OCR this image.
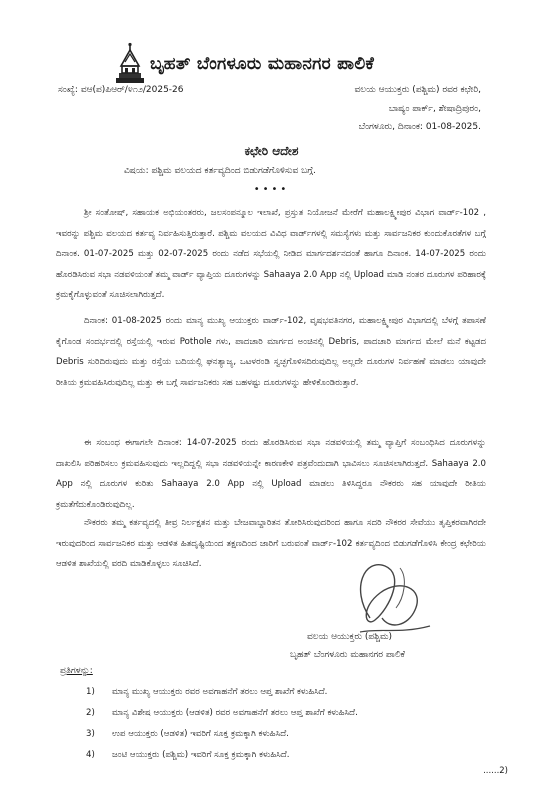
ಬೃಹತ್ ಬೆಂಗಳೂರು ಮಹಾನಗರ ಪಾಲಿಕೆ
ಸಂಖ್ಯೆ: ವಆ(ಪ)ಪಿಆರ್/‍೪೧೨/2025-26	ವಲಯ ಆಯುಕ್ತರು (ಪಶ್ಚಿಮ) ರವರ ಕಛೇರಿ,
ಬಾಷ್ಯಂ ಪಾರ್ಕ್, ಶೇಷಾದ್ರಿಪುರಂ,
ಬೆಂಗಳೂರು, ದಿನಾಂಕ: 01-08-2025.
ಕಛೇರಿ ಆದೇಶ
ವಿಷಯ: ಪಶ್ಚಿಮ ವಲಯದ ಕರ್ತವ್ಯದಿಂದ ಬಿಡುಗಡೆಗೊಳಿಸುವ ಬಗ್ಗೆ.
••••

ಶ್ರೀ ಸಂತೋಷ್, ಸಹಾಯಕ ಅಭಿಯಂತರರು, ಜಲಸಂಪನ್ಮೂಲ ಇಲಾಖೆ, ಪ್ರಸ್ತುತ ನಿಯೋಜನೆ ಮೇರೆಗೆ ಮಹಾಲಕ್ಷ್ಮೀಪುರ ವಿಭಾಗ ವಾರ್ಡ್-102 , ಇವರನ್ನು ಪಶ್ಚಿಮ ವಲಯದ ಕರ್ತವ್ಯ ನಿರ್ವಹಿಸುತ್ತಿರುತ್ತಾರೆ. ಪಶ್ಚಿಮ ವಲಯದ ವಿವಿಧ ವಾರ್ಡ್‌ಗಳಲ್ಲಿ ಸಮಸ್ಯೆಗಳು ಮತ್ತು ಸಾರ್ವಜನಿಕರ ಕುಂದುಕೊರತೆಗಳ ಬಗ್ಗೆ ದಿನಾಂಕ. 01-07-2025 ಮತ್ತು 02-07-2025 ರಂದು ನಡೆದ ಸಭೆಯಲ್ಲಿ ನೀಡಿದ ಮಾರ್ಗದರ್ಶನದಂತೆ ಹಾಗೂ ದಿನಾಂಕ. 14-07-2025 ರಂದು ಹೊರಡಿಸಿರುವ ಸಭಾ ನಡವಳಿಯಂತೆ ತಮ್ಮ ವಾರ್ಡ್ ವ್ಯಾಪ್ತಿಯ ದೂರುಗಳನ್ನು Sahaaya 2.0 App ನಲ್ಲಿ Upload ಮಾಡಿ ನಂತರ ದೂರುಗಳ ಪರಿಹಾರಕ್ಕೆ ಕ್ರಮಕೈಗೊಳ್ಳುವಂತೆ ಸೂಚಿಸಲಾಗಿರುತ್ತದೆ.

ದಿನಾಂಕ: 01-08-2025 ರಂದು ಮಾನ್ಯ ಮುಖ್ಯ ಆಯುಕ್ತರು ವಾರ್ಡ್-102, ವೃಷಭವತಿನಗರ, ಮಹಾಲಕ್ಷ್ಮೀಪುರ ವಿಭಾಗದಲ್ಲಿ ಬೆಳಗ್ಗೆ ತಪಾಸಣೆ ಕೈಗೊಂಡ ಸಂದರ್ಭದಲ್ಲಿ ರಸ್ತೆಯಲ್ಲಿ ಇರುವ Pothole ಗಳು, ಪಾದಚಾರಿ ಮಾರ್ಗದ ಅಂಚಿನಲ್ಲಿ Debris, ಪಾದಚಾರಿ ಮಾರ್ಗದ ಮೇಲೆ ಮನೆ ಕಟ್ಟಡದ Debris ಸುರಿದಿರುವುದು ಮತ್ತು ರಸ್ತೆಯ ಬದಿಯಲ್ಲಿ ಘನತ್ಯಾಜ್ಯ, ಒಟಳರಂಡಿ ಸ್ವಚ್ಛಗೊಳಿಸದಿರುವುದಿಲ್ಲ ಅಲ್ಲದೇ ದೂರುಗಳ ನಿರ್ವಹಣೆ ಮಾಡಲು ಯಾವುದೇ ರೀತಿಯ ಕ್ರಮವಹಿಸಿರುವುದಿಲ್ಲ ಮತ್ತು ಈ ಬಗ್ಗೆ ಸಾರ್ವಜನಿಕರು ಸಹ ಬಹಳಷ್ಟು ದೂರುಗಳನ್ನು ಹೇಳಿಕೊಂಡಿರುತ್ತಾರೆ.

ಈ ಸಂಬಂಧ ಈಗಾಗಲೇ ದಿನಾಂಕ: 14-07-2025 ರಂದು ಹೊರಡಿಸಿರುವ ಸಭಾ ನಡವಳಿಯಲ್ಲಿ ತಮ್ಮ ವ್ಯಾಪ್ತಿಗೆ ಸಂಬಂಧಿಸಿದ ದೂರುಗಳನ್ನು ದಾಖಲಿಸಿ ಪರಿಹರಿಸಲು ಕ್ರಮವಹಿಸುವುದು ಇಲ್ಲದಿದ್ದಲ್ಲಿ ಸಭಾ ನಡವಳಿಯನ್ನೇ ಕಾರಣಕೇಳಿ ಪತ್ರವೆಂದುದಾಗಿ ಭಾವಿಸಲು ಸೂಚಿಸಲಾಗಿರುತ್ತದೆ. Sahaaya 2.0 App ನಲ್ಲಿ ದೂರುಗಳ ಕುರಿತು Sahaaya 2.0 App ನಲ್ಲಿ Upload ಮಾಡಲು ತಿಳಿಸಿದ್ದರೂ ನೌಕರರು ಸಹ ಯಾವುದೇ ರೀತಿಯ ಕ್ರಮತೆಗೆದುಕೊಂಡಿರುವುದಿಲ್ಲ.

ನೌಕರರು ತಮ್ಮ ಕರ್ತವ್ಯದಲ್ಲಿ ತೀವ್ರ ನಿರ್ಲಕ್ಷತನ ಮತ್ತು ಬೇಜವಾಬ್ದಾರಿತನ ತೋರಿಸಿರುವುದರಿಂದ ಹಾಗೂ ಸದರಿ ನೌಕರರ ಸೇವೆಯು ತೃಪ್ತಿಕರವಾಗಿರದೇ ಇರುವುದರಿಂದ ಸಾರ್ವಜನಿಕರ ಮತ್ತು ಆಡಳಿತ ಹಿತದೃಷ್ಟಿಯಿಂದ ತಕ್ಷಣದಿಂದ ಜಾರಿಗೆ ಬರುವಂತೆ ವಾರ್ಡ್-102 ಕರ್ತವ್ಯದಿಂದ ಬಿಡುಗಡೆಗೊಳಿಸಿ ಕೇಂದ್ರ ಕಛೇರಿಯ ಆಡಳಿತ ಶಾಖೆಯಲ್ಲಿ ವರದಿ ಮಾಡಿಕೊಳ್ಳಲು ಸೂಚಿಸಿದೆ.

ವಲಯ ಆಯುಕ್ತರು (ಪಶ್ಚಿಮ)
ಬೃಹತ್ ಬೆಂಗಳೂರು ಮಹಾನಗರ ಪಾಲಿಕೆ
ಪ್ರತಿಗಳನ್ನು:
1) ಮಾನ್ಯ ಮುಖ್ಯ ಆಯುಕ್ತರು ರವರ ಅವಗಾಹನೆಗೆ ತರಲು ಆಪ್ತ ಶಾಖೆಗೆ ಕಳುಹಿಸಿದೆ.
2) ಮಾನ್ಯ ವಿಶೇಷ ಆಯುಕ್ತರು (ಆಡಳಿತ) ರವರ ಅವಗಾಹನೆಗೆ ತರಲು ಆಪ್ತ ಶಾಖೆಗೆ ಕಳುಹಿಸಿದೆ.
3) ಉಪ ಆಯುಕ್ತರು (ಆಡಳಿತ) ಇವರಿಗೆ ಸೂಕ್ತ ಕ್ರಮಕ್ಕಾಗಿ ಕಳುಹಿಸಿದೆ.
4) ಜಂಟಿ ಆಯುಕ್ತರು (ಪಶ್ಚಿಮ) ಇವರಿಗೆ ಸೂಕ್ತ ಕ್ರಮಕ್ಕಾಗಿ ಕಳುಹಿಸಿದೆ.
......2)
